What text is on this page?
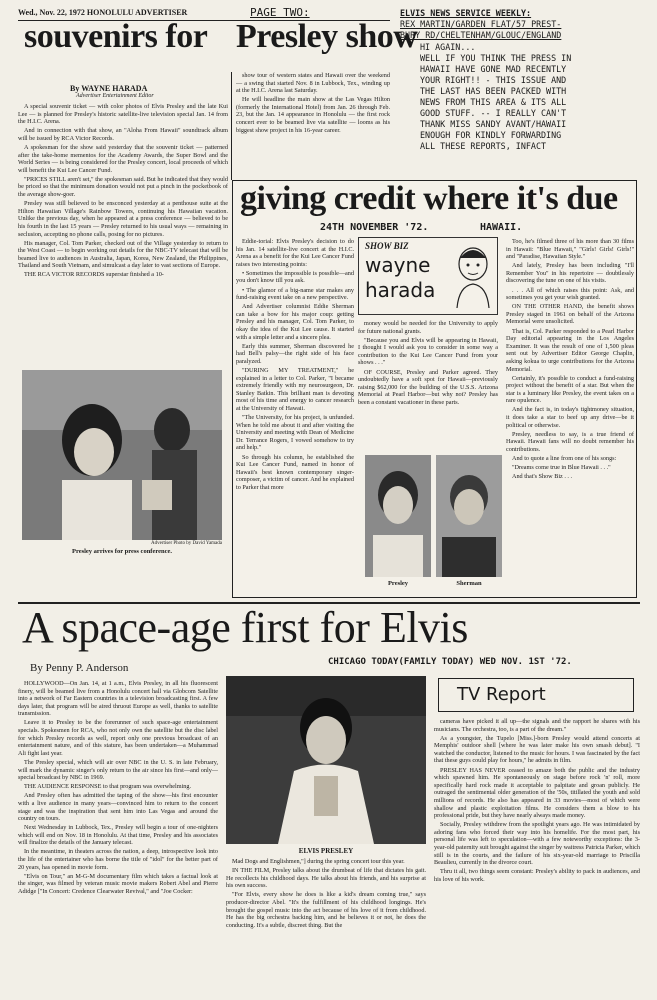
Wed., Nov. 22, 1972 HONOLULU ADVERTISER	PAGE TWO:
souvenirs for Presley show
By WAYNE HARADA
Advertiser Entertainment Editor

A special souvenir ticket — with color photos of Elvis Presley and the late Kui Lee — is planned for Presley's historic satellite-live television special Jan. 14 from the H.I.C. Arena.

And in connection with that show, an "Aloha From Hawaii" soundtrack album will be issued by RCA Victor Records.

A spokesman for the show said yesterday that the souvenir ticket — patterned after the take-home mementos for the Academy Awards, the Super Bowl and the World Series — is being considered for the Presley concert, local proceeds of which will benefit the Kui Lee Cancer Fund.

"PRICES STILL aren't set," the spokesman said. But he indicated that they would be priced so that the minimum donation would not put a pinch in the pocketbook of the average show-goer.

Presley was still believed to be ensconced yesterday at a penthouse suite at the Hilton Hawaiian Village's Rainbow Towers, continuing his Hawaiian vacation. Unlike the previous day, when he appeared at a press conference — believed to be his fourth in the last 15 years — Presley returned to his usual ways — remaining in seclusion, accepting no phone calls, posing for no pictures.

His manager, Col. Tom Parker, checked out of the Village yesterday to return to the West Coast — to begin working out details for the NBC-TV telecast that will be beamed live to audiences in Australia, Japan, Korea, New Zealand, the Philippines, Thailand and South Vietnam, and simulcast a day later to vast sections of Europe.

THE RCA VICTOR RECORDS superstar finished a 10-

show tour of western states and Hawaii over the weekend — a swing that started Nov. 8 in Lubbock, Tex., winding up at the H.I.C. Arena last Saturday.

He will headline the main show at the Las Vegas Hilton (formerly the International Hotel) from Jan. 26 through Feb. 23, but the Jan. 14 appearance in Honolulu — the first rock concert ever to be beamed live via satellite — looms as his biggest show project in his 16-year career.

Advertiser Photo by David Yamada
Presley arrives for press conference.
ELVIS NEWS SERVICE WEEKLY:
REX MARTIN/GARDEN FLAT/57 PREST-
BURY RD/CHELTENHAM/GLOUC/ENGLAND
HI AGAIN...
WELL IF YOU THINK THE PRESS IN
HAWAII HAVE GONE MAD RECENTLY
YOUR RIGHT!! - THIS ISSUE AND
THE LAST HAS BEEN PACKED WITH
NEWS FROM THIS AREA & ITS ALL
GOOD STUFF. -- I REALLY CAN'T
THANK MISS SANDY AVANT/HAWAII
ENOUGH FOR KINDLY FORWARDING
ALL THESE REPORTS, INFACT
giving credit where it's due
24TH NOVEMBER '72.	HAWAII.

Eddie-torial: Elvis Presley's decision to do his Jan. 14 satellite-live concert at the H.I.C. Arena as a benefit for the Kui Lee Cancer Fund raises two interesting points:

• Sometimes the impossible is possible—and you don't know till you ask.

• The glamor of a big-name star makes any fund-raising event take on a new perspective.

And Advertiser columnist Eddie Sherman can take a bow for his major coup: getting Presley and his manager, Col. Tom Parker, to okay the idea of the Kui Lee cause. It started with a simple letter and a sincere plea.

Early this summer, Sherman discovered he had Bell's palsy—the right side of his face paralyzed.

"DURING MY TREATMENT," he explained in a letter to Col. Parker, "I became extremely friendly with my neurosurgeon, Dr. Stanley Batkin. This brilliant man is devoting most of his time and energy to cancer research at the University of Hawaii.

"The University, for his project, is unfunded. When he told me about it and after visiting the University and meeting with Dean of Medicine Dr. Terrance Rogers, I vowed somehow to try and help."

So through his column, he established the Kui Lee Cancer Fund, named in honor of Hawaii's best known contemporary singer-composer, a victim of cancer. And he explained to Parker that more

SHOW BIZ
wayne
harada

money would be needed for the University to apply for future national grants.

"Because you and Elvis will be appearing in Hawaii, I thought I would ask you to consider in some way a contribution to the Kui Lee Cancer Fund from your shows . . ."

OF COURSE, Presley and Parker agreed. They undoubtedly have a soft spot for Hawaii—previously raising $62,000 for the building of the U.S.S. Arizona Memorial at Pearl Harbor—but why not? Presley has been a constant vacationer in these parts.

Presley	Sherman

Too, he's filmed three of his more than 30 films in Hawaii: "Blue Hawaii," "Girls! Girls! Girls!" and "Paradise, Hawaiian Style."

And lately, Presley has been including "I'll Remember You" in his repertoire — doubtlessly discovering the tune on one of his visits.

. . . All of which raises this point: Ask, and sometimes you get your wish granted.

ON THE OTHER HAND, the benefit shows Presley staged in 1961 on behalf of the Arizona Memorial were unsolicited.

That is, Col. Parker responded to a Pearl Harbor Day editorial appearing in the Los Angeles Examiner. It was the result of one of 1,500 pleas sent out by Advertiser Editor George Chaplin, asking kokua to urge contributions for the Arizona Memorial.

Certainly, it's possible to conduct a fund-raising project without the benefit of a star. But when the star is a luminary like Presley, the event takes on a rare opulence.

And the fact is, in today's tightmoney situation, it does take a star to beef up any drive—be it political or otherwise.

Presley, needless to say, is a true friend of Hawaii. Hawaii fans will no doubt remember his contributions.

And to quote a line from one of his songs:

"Dreams come true in Blue Hawaii . . ."

And that's Show Biz . . .

A space-age first for Elvis
CHICAGO TODAY(FAMILY TODAY) WED NOV. 1ST '72.
By Penny P. Anderson

HOLLYWOOD—On Jan. 14, at 1 a.m., Elvis Presley, in all his fluorescent finery, will be beamed live from a Honolulu concert hall via Globcom Satellite into a network of Far Eastern countries in a television broadcasting first. A few days later, that program will be aired thruout Europe as well, thanks to satellite transmission.

Leave it to Presley to be the forerunner of such space-age entertainment specials. Spokesmen for RCA, who not only own the satellite but the disc label for which Presley records as well, report only one previous broadcast of an entertainment nature, and of this stature, has been undertaken—a Muhammad Ali fight last year.

The Presley special, which will air over NBC in the U. S. in late February, will mark the dynamic singer's only return to the air since his first—and only—special broadcast by NBC in 1969.

THE AUDIENCE RESPONSE to that program was overwhelming.

And Presley often has admitted the taping of the show—his first encounter with a live audience in many years—convinced him to return to the concert stage and was the inspiration that sent him into Las Vegas and around the country on tours.

Next Wednesday in Lubbock, Tex., Presley will begin a tour of one-nighters which will end on Nov. 18 in Honolulu. At that time, Presley and his associates will finalize the details of the January telecast.

In the meantime, in theaters across the nation, a deep, introspective look into the life of the entertainer who has borne the title of "idol" for the better part of 20 years, has opened in movie form.

"Elvis on Tour," an M-G-M documentary film which takes a factual look at the singer, was filmed by veteran music movie makers Robert Abel and Pierre Adidge ["In Concert: Credence Clearwater Revival," and "Joe Cocker:

ELVIS PRESLEY

Mad Dogs and Englishmen,"] during the spring concert tour this year.

IN THE FILM, Presley talks about the drumbeat of life that dictates his gait. He recollects his childhood days. He talks about his friends, and his surprise at his own success.

"For Elvis, every show he does is like a kid's dream coming true," says producer-director Abel. "It's the fulfillment of his childhood longings. He's brought the gospel music into the act because of his love of it from childhood. He has the big orchestra backing him, and he believes it or not, he does the conducting. It's a subtle, discreet thing. But the

TV Report

cameras have picked it all up—the signals and the rapport he shares with his musicians. The orchestra, too, is a part of the dream."

As a youngster, the Tupelo [Miss.]-born Presley would attend concerts at Memphis' outdoor shell [where he was later make his own smash debut]. "I watched the conductor, listened to the music for hours. I was fascinated by the fact that these guys could play for hours," he admits in film.

PRESLEY HAS NEVER ceased to amaze both the public and the industry which spawned him. He spontaneously on stage before rock 'n' roll, more specifically hard rock made it acceptable to palpitate and groan publicly. He outraged the sentimental older generation of the '50s, titillated the youth and sold millions of records. He also has appeared in 33 movies—most of which were shallow and plastic exploitation films. He considers them a blow to his professional pride, but they have nearly always made money.

Socially, Presley withdrew from the spotlight years ago. He was intimidated by adoring fans who forced their way into his homelife. For the most part, his personal life was left to speculation—with a few noteworthy exceptions: the 3-year-old paternity suit brought against the singer by waitress Patricia Parker, which still is in the courts, and the failure of his six-year-old marriage to Priscilla Beaulieu, currently in the divorce court.

Thru it all, two things seem constant: Presley's ability to pack in audiences, and his love of his work.
